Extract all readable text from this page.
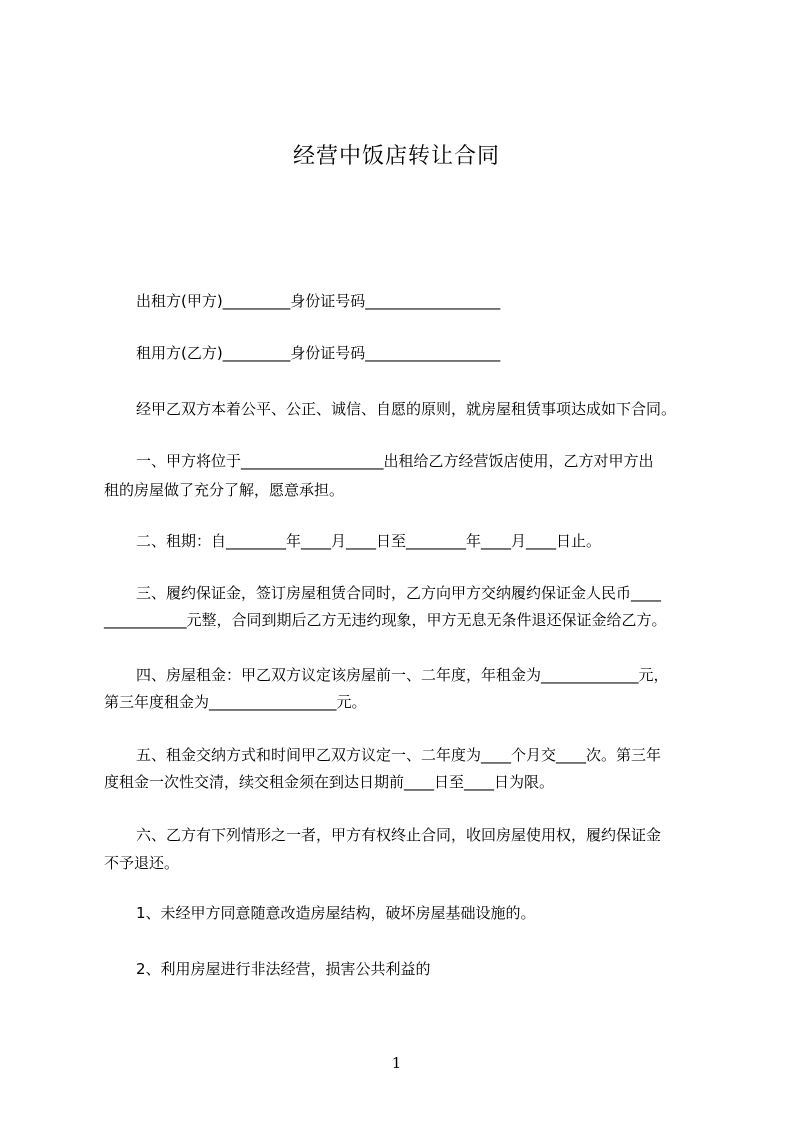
经营中饭店转让合同
出租方(甲方)_________身份证号码__________________
租用方(乙方)_________身份证号码__________________
经甲乙双方本着公平、公正、诚信、自愿的原则，就房屋租赁事项达成如下合同。
一、甲方将位于___________________出租给乙方经营饭店使用，乙方对甲方出
租的房屋做了充分了解，愿意承担。
二、租期：自________年____月____日至________年____月____日止。
三、履约保证金，签订房屋租赁合同时，乙方向甲方交纳履约保证金人民币____
___________元整，合同到期后乙方无违约现象，甲方无息无条件退还保证金给乙方。
四、房屋租金：甲乙双方议定该房屋前一、二年度，年租金为_____________元，
第三年度租金为_________________元。
五、租金交纳方式和时间甲乙双方议定一、二年度为____个月交____次。第三年
度租金一次性交清，续交租金须在到达日期前____日至____日为限。
六、乙方有下列情形之一者，甲方有权终止合同，收回房屋使用权，履约保证金
不予退还。
1、未经甲方同意随意改造房屋结构，破坏房屋基础设施的。
2、利用房屋进行非法经营，损害公共利益的
1
